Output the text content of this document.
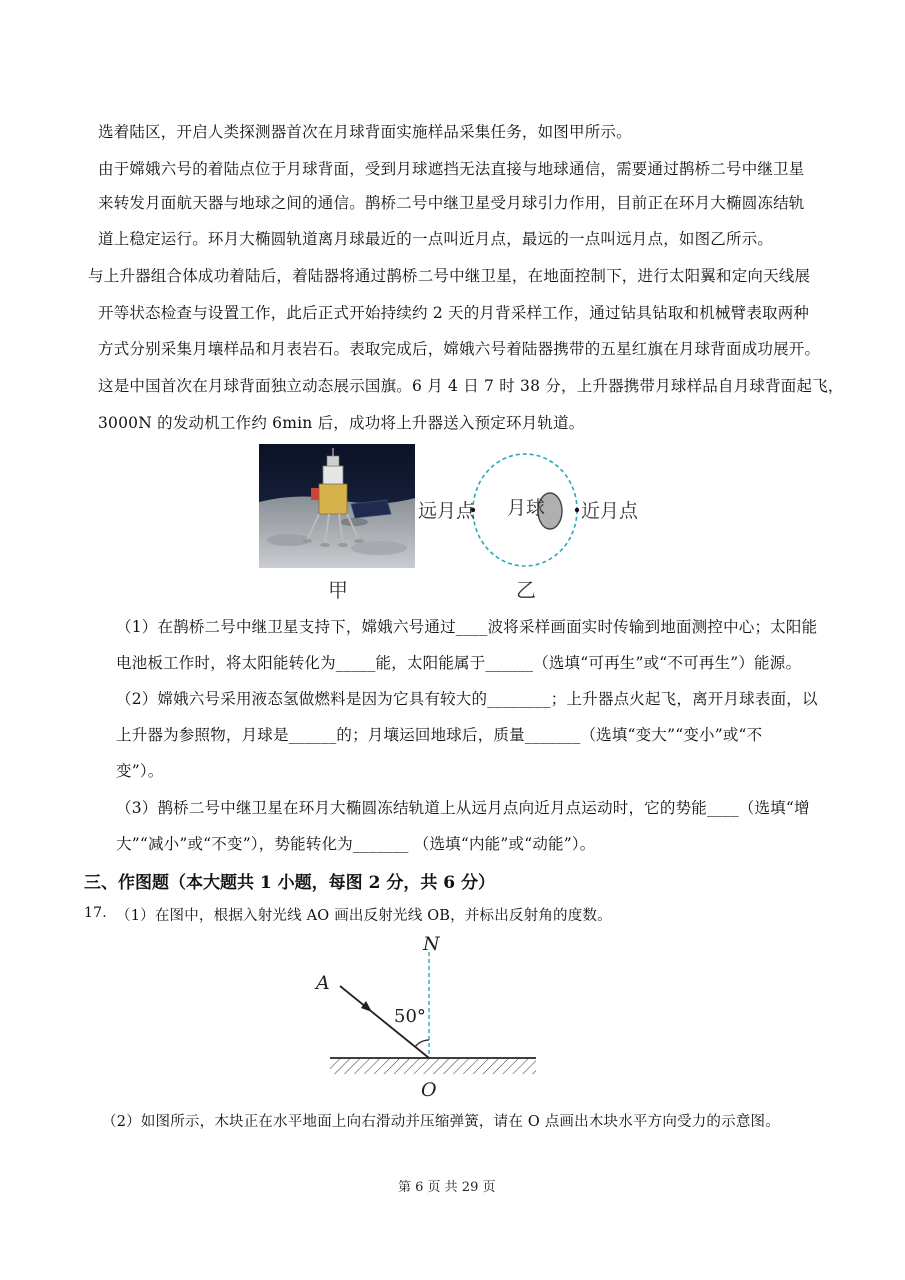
选着陆区，开启人类探测器首次在月球背面实施样品采集任务，如图甲所示。
由于嫦娥六号的着陆点位于月球背面，受到月球遮挡无法直接与地球通信，需要通过鹊桥二号中继卫星
来转发月面航天器与地球之间的通信。鹊桥二号中继卫星受月球引力作用，目前正在环月大椭圆冻结轨
道上稳定运行。环月大椭圆轨道离月球最近的一点叫近月点，最远的一点叫远月点，如图乙所示。
与上升器组合体成功着陆后，着陆器将通过鹊桥二号中继卫星，在地面控制下，进行太阳翼和定向天线展
开等状态检查与设置工作，此后正式开始持续约 2 天的月背采样工作，通过钻具钻取和机械臂表取两种
方式分别采集月壤样品和月表岩石。表取完成后，嫦娥六号着陆器携带的五星红旗在月球背面成功展开。
这是中国首次在月球背面独立动态展示国旗。6 月 4 日 7 时 38 分，上升器携带月球样品自月球背面起飞，
3000N 的发动机工作约 6min 后，成功将上升器送入预定环月轨道。
远月点 月球 近月点
甲	乙
（1）在鹊桥二号中继卫星支持下，嫦娥六号通过____波将采样画面实时传输到地面测控中心；太阳能
电池板工作时，将太阳能转化为_____能，太阳能属于______（选填“可再生”或“不可再生”）能源。
（2）嫦娥六号采用液态氢做燃料是因为它具有较大的________；上升器点火起飞，离开月球表面，以
上升器为参照物，月球是______的；月壤运回地球后，质量_______（选填“变大”“变小”或“不
变”）。
（3）鹊桥二号中继卫星在环月大椭圆冻结轨道上从远月点向近月点运动时，它的势能____（选填“增
大”“减小”或“不变”），势能转化为_______ （选填“内能”或“动能”）。
三、作图题（本大题共 1 小题，每图 2 分，共 6 分）
17. （1）在图中，根据入射光线 AO 画出反射光线 OB，并标出反射角的度数。
N
A
50°
O
（2）如图所示，木块正在水平地面上向右滑动并压缩弹簧，请在 O 点画出木块水平方向受力的示意图。
第 6 页 共 29 页
